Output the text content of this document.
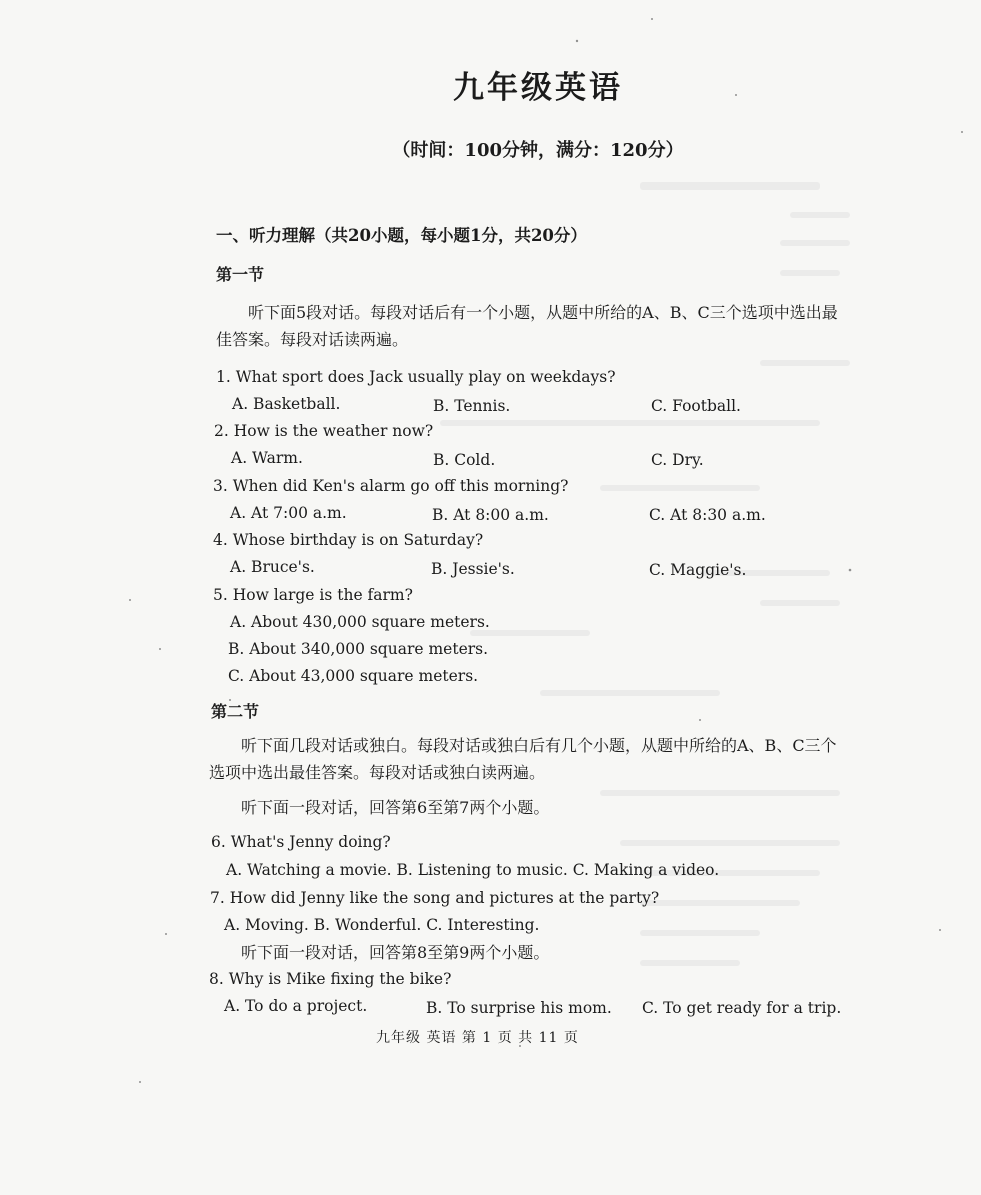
九年级英语
（时间：100分钟，满分：120分）
一、听力理解（共20小题，每小题1分，共20分）
第一节
听下面5段对话。每段对话后有一个小题，从题中所给的A、B、C三个选项中选出最佳答案。每段对话读两遍。
1. What sport does Jack usually play on weekdays?
A. Basketball.	B. Tennis.	C. Football.
2. How is the weather now?
A. Warm.	B. Cold.	C. Dry.
3. When did Ken's alarm go off this morning?
A. At 7:00 a.m.	B. At 8:00 a.m.	C. At 8:30 a.m.
4. Whose birthday is on Saturday?
A. Bruce's.	B. Jessie's.	C. Maggie's.
5. How large is the farm?
A. About 430,000 square meters.
B. About 340,000 square meters.
C. About 43,000 square meters.
第二节
听下面几段对话或独白。每段对话或独白后有几个小题，从题中所给的A、B、C三个选项中选出最佳答案。每段对话或独白读两遍。
听下面一段对话，回答第6至第7两个小题。
6. What's Jenny doing?
A. Watching a movie. B. Listening to music. C. Making a video.
7. How did Jenny like the song and pictures at the party?
A. Moving. B. Wonderful. C. Interesting.
听下面一段对话，回答第8至第9两个小题。
8. Why is Mike fixing the bike?
A. To do a project.	B. To surprise his mom. C. To get ready for a trip.
九年级 英语 第 1 页 共 11 页
